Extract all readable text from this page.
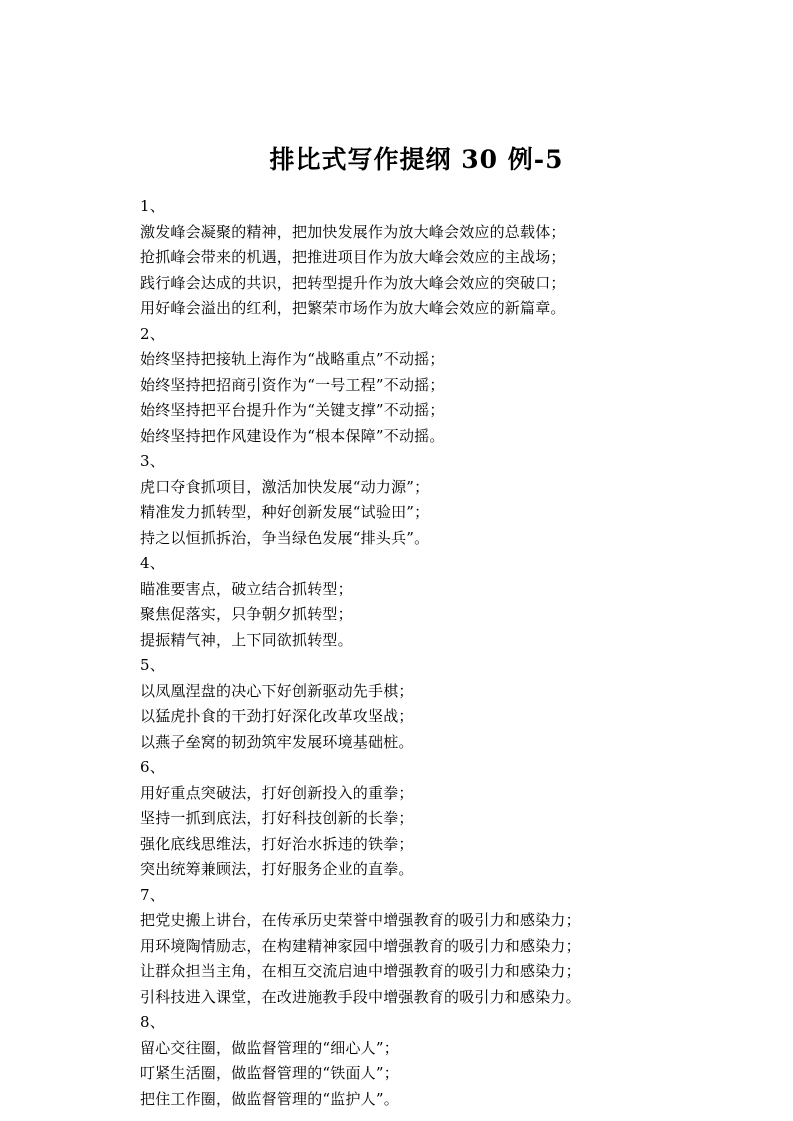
排比式写作提纲 30 例-5
1、
激发峰会凝聚的精神，把加快发展作为放大峰会效应的总载体；
抢抓峰会带来的机遇，把推进项目作为放大峰会效应的主战场；
践行峰会达成的共识，把转型提升作为放大峰会效应的突破口；
用好峰会溢出的红利，把繁荣市场作为放大峰会效应的新篇章。
2、
始终坚持把接轨上海作为“战略重点”不动摇；
始终坚持把招商引资作为“一号工程”不动摇；
始终坚持把平台提升作为“关键支撑”不动摇；
始终坚持把作风建设作为“根本保障”不动摇。
3、
虎口夺食抓项目，激活加快发展“动力源”；
精准发力抓转型，种好创新发展“试验田”；
持之以恒抓拆治，争当绿色发展“排头兵”。
4、
瞄准要害点，破立结合抓转型；
聚焦促落实，只争朝夕抓转型；
提振精气神，上下同欲抓转型。
5、
以凤凰涅盘的决心下好创新驱动先手棋；
以猛虎扑食的干劲打好深化改革攻坚战；
以燕子垒窝的韧劲筑牢发展环境基础桩。
6、
用好重点突破法，打好创新投入的重拳；
坚持一抓到底法，打好科技创新的长拳；
强化底线思维法，打好治水拆违的铁拳；
突出统筹兼顾法，打好服务企业的直拳。
7、
把党史搬上讲台，在传承历史荣誉中增强教育的吸引力和感染力；
用环境陶情励志，在构建精神家园中增强教育的吸引力和感染力；
让群众担当主角，在相互交流启迪中增强教育的吸引力和感染力；
引科技进入课堂，在改进施教手段中增强教育的吸引力和感染力。
8、
留心交往圈，做监督管理的“细心人”；
叮紧生活圈，做监督管理的“铁面人”；
把住工作圈，做监督管理的“监护人”。
